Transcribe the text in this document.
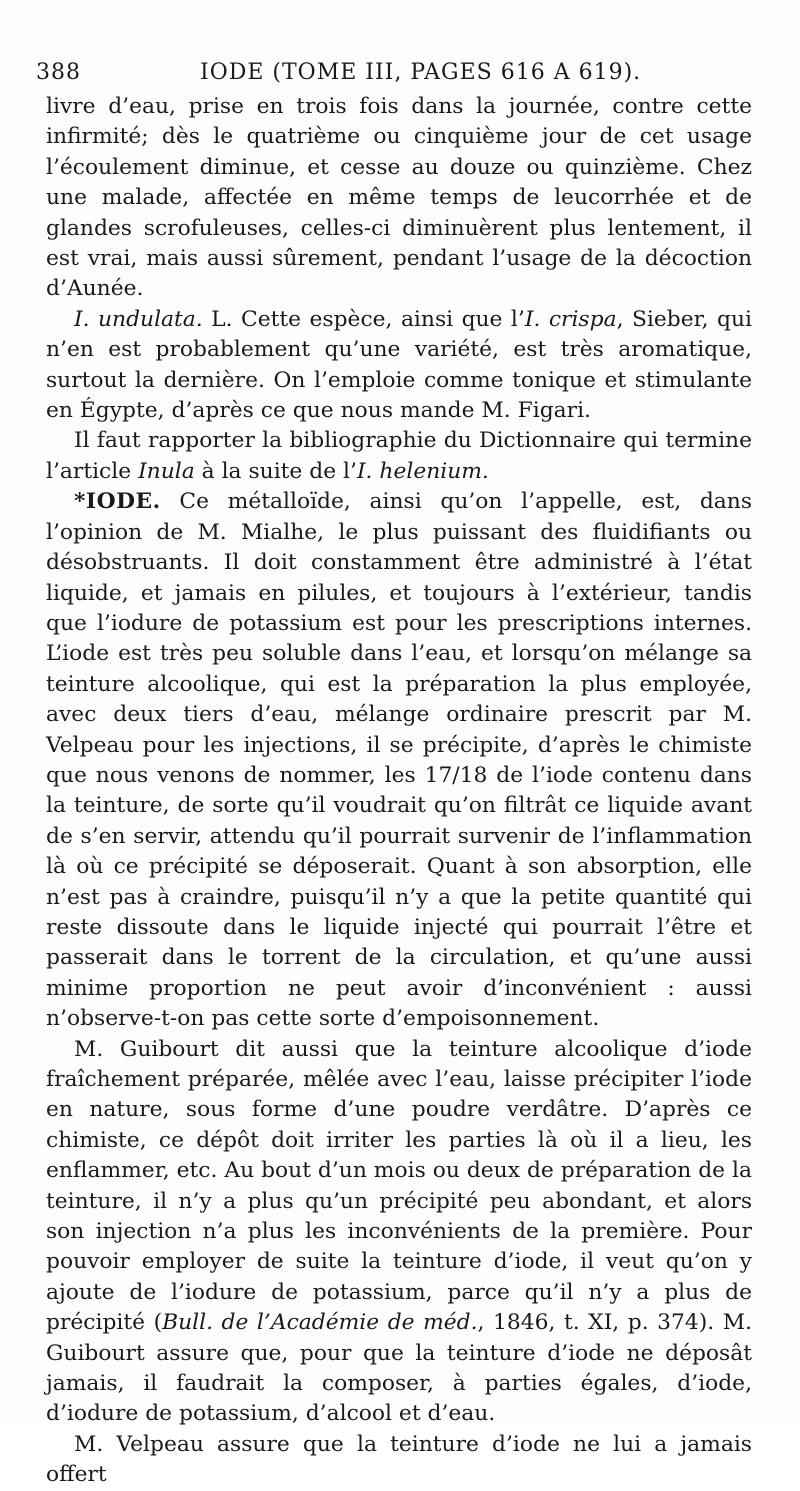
388	IODE (TOME III, PAGES 616 A 619).

livre d’eau, prise en trois fois dans la journée, contre cette infirmité; dès le quatrième ou cinquième jour de cet usage l’écoulement diminue, et cesse au douze ou quinzième. Chez une malade, affectée en même temps de leucorrhée et de glandes scrofuleuses, celles-ci diminuèrent plus lentement, il est vrai, mais aussi sûrement, pendant l’usage de la décoction d’Aunée.

I. undulata. L. Cette espèce, ainsi que l’I. crispa, Sieber, qui n’en est probablement qu’une variété, est très aromatique, surtout la dernière. On l’emploie comme tonique et stimulante en Égypte, d’après ce que nous mande M. Figari.

Il faut rapporter la bibliographie du Dictionnaire qui termine l’article Inula à la suite de l’I. helenium.

*IODE. Ce métalloïde, ainsi qu’on l’appelle, est, dans l’opinion de M. Mialhe, le plus puissant des fluidifiants ou désobstruants. Il doit constamment être administré à l’état liquide, et jamais en pilules, et toujours à l’extérieur, tandis que l’iodure de potassium est pour les prescriptions internes. L’iode est très peu soluble dans l’eau, et lorsqu’on mélange sa teinture alcoolique, qui est la préparation la plus employée, avec deux tiers d’eau, mélange ordinaire prescrit par M. Velpeau pour les injections, il se précipite, d’après le chimiste que nous venons de nommer, les 17/18 de l’iode contenu dans la teinture, de sorte qu’il voudrait qu’on filtrât ce liquide avant de s’en servir, attendu qu’il pourrait survenir de l’inflammation là où ce précipité se déposerait. Quant à son absorption, elle n’est pas à craindre, puisqu’il n’y a que la petite quantité qui reste dissoute dans le liquide injecté qui pourrait l’être et passerait dans le torrent de la circulation, et qu’une aussi minime proportion ne peut avoir d’inconvénient : aussi n’observe-t-on pas cette sorte d’empoisonnement.

M. Guibourt dit aussi que la teinture alcoolique d’iode fraîchement préparée, mêlée avec l’eau, laisse précipiter l’iode en nature, sous forme d’une poudre verdâtre. D’après ce chimiste, ce dépôt doit irriter les parties là où il a lieu, les enflammer, etc. Au bout d’un mois ou deux de préparation de la teinture, il n’y a plus qu’un précipité peu abondant, et alors son injection n’a plus les inconvénients de la première. Pour pouvoir employer de suite la teinture d’iode, il veut qu’on y ajoute de l’iodure de potassium, parce qu’il n’y a plus de précipité (Bull. de l’Académie de méd., 1846, t. XI, p. 374). M. Guibourt assure que, pour que la teinture d’iode ne déposât jamais, il faudrait la composer, à parties égales, d’iode, d’iodure de potassium, d’alcool et d’eau.

M. Velpeau assure que la teinture d’iode ne lui a jamais offert
